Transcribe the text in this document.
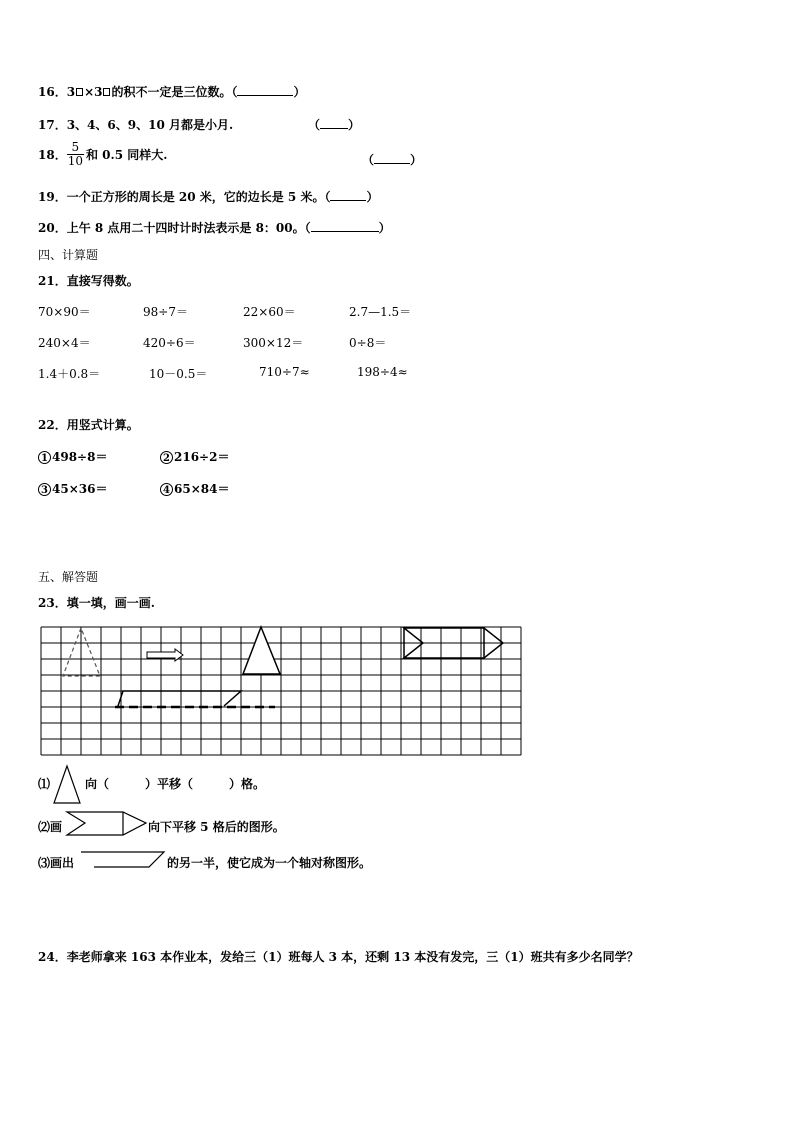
16．3 ×3 的积不一定是三位数。（	）
17．3、4、6、9、10 月都是小月.	（ ）
18． $\frac{5}{10}$ 和 0.5 同样大.	（	）
19．一个正方形的周长是 20 米，它的边长是 5 米。（	）
20．上午 8 点用二十四时计时法表示是 8：00。（	）
四、计算题
21．直接写得数。
70×90＝	98÷7＝	22×60＝	2.7—1.5＝
240×4＝	420÷6＝	300×12＝	0÷8＝
1.4＋0.8＝	10－0.5＝	710÷7≈	198÷4≈
22．用竖式计算。
1 498÷8＝	2 216÷2＝
3 45×36＝	4 65×84＝
五、解答题
23．填一填，画一画.
⑴	向（　　　）平移（　　　）格。
⑵画	向下平移 5 格后的图形。
⑶画出	的另一半，使它成为一个轴对称图形。
24．李老师拿来 163 本作业本，发给三（1）班每人 3 本，还剩 13 本没有发完，三（1）班共有多少名同学？
